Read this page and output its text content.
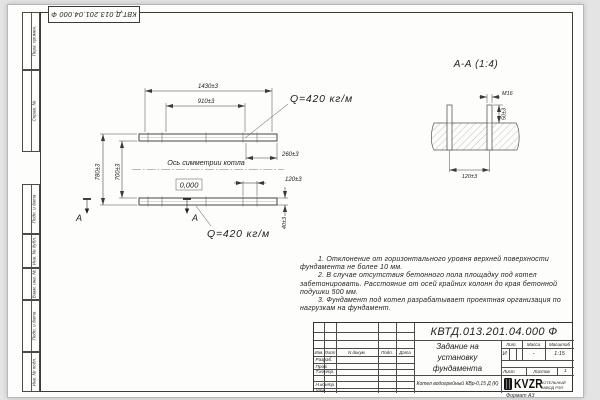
Перв. примен.
Справ. №
Подп. и дата
Инв. № дубл.
Взам. инв. №
Подп. и дата
Инв. № подл.
КВТ.Д.013.201.04.000 Ф
1430±3
910±3
260±3
120±3
40±3
780±3 700±3
Ось симметрии котла
0,000
Q=420 кг/м
Q=420 кг/м
А	А
А-А (1:4)
М16
50±3
120±3
1. Отклонение от горизонтального уровня верхней поверхности
фундамента не более 10 мм.
2. В случае отсутствия бетонного пола площадку под котел
забетонировать. Расстояние от осей крайних колонн до края бетонной
подушки 500 мм.
3. Фундамент под котел разрабатывает проектная организация по
нагрузкам на фундамент.
КВТД.013.201.04.000 Ф
Задание на
установку
фундамента
Котел водогрейный КВр-0,15 Д (К)
Изм. Лист	N докум.	Подп.	Дата
Разраб.
Пров.
Т.контр.
Н.контр.
Утв.
Лит.	Масса	Масштаб
И	-	1:15
Лист	Листов	1
KVZR
КОТЕЛЬНЫЙ
ЗАВОД РЭП
Формат А3
